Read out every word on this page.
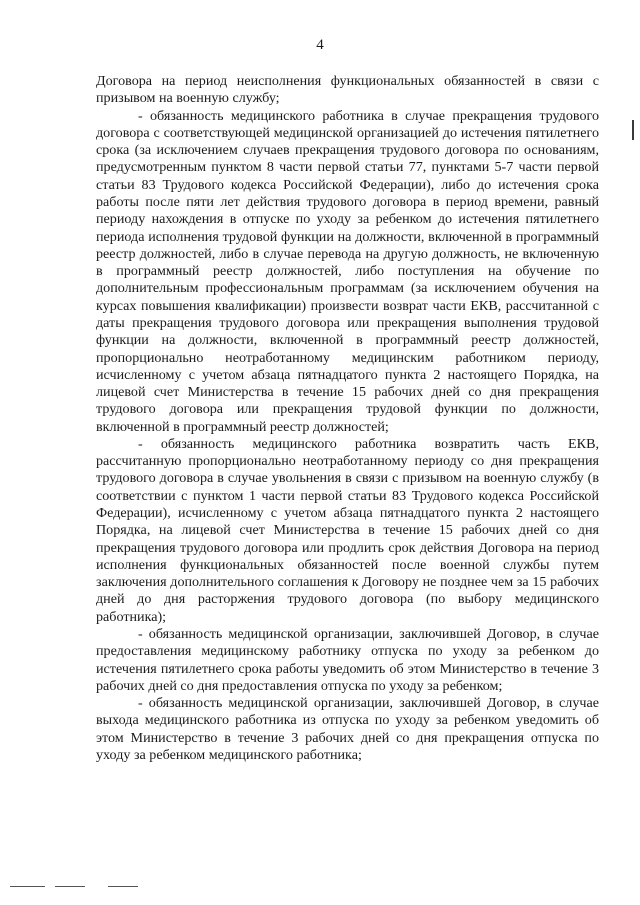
4

Договора на период неисполнения функциональных обязанностей в связи с призывом на военную службу;

- обязанность медицинского работника в случае прекращения трудового договора с соответствующей медицинской организацией до истечения пятилетнего срока (за исключением случаев прекращения трудового договора по основаниям, предусмотренным пунктом 8 части первой статьи 77, пунктами 5-7 части первой статьи 83 Трудового кодекса Российской Федерации), либо до истечения срока работы после пяти лет действия трудового договора в период времени, равный периоду нахождения в отпуске по уходу за ребенком до истечения пятилетнего периода исполнения трудовой функции на должности, включенной в программный реестр должностей, либо в случае перевода на другую должность, не включенную в программный реестр должностей, либо поступления на обучение по дополнительным профессиональным программам (за исключением обучения на курсах повышения квалификации) произвести возврат части ЕКВ, рассчитанной с даты прекращения трудового договора или прекращения выполнения трудовой функции на должности, включенной в программный реестр должностей, пропорционально неотработанному медицинским работником периоду, исчисленному с учетом абзаца пятнадцатого пункта 2 настоящего Порядка, на лицевой счет Министерства в течение 15 рабочих дней со дня прекращения трудового договора или прекращения трудовой функции по должности, включенной в программный реестр должностей;

- обязанность медицинского работника возвратить часть ЕКВ, рассчитанную пропорционально неотработанному периоду со дня прекращения трудового договора в случае увольнения в связи с призывом на военную службу (в соответствии с пунктом 1 части первой статьи 83 Трудового кодекса Российской Федерации), исчисленному с учетом абзаца пятнадцатого пункта 2 настоящего Порядка, на лицевой счет Министерства в течение 15 рабочих дней со дня прекращения трудового договора или продлить срок действия Договора на период исполнения функциональных обязанностей после военной службы путем заключения дополнительного соглашения к Договору не позднее чем за 15 рабочих дней до дня расторжения трудового договора (по выбору медицинского работника);

- обязанность медицинской организации, заключившей Договор, в случае предоставления медицинскому работнику отпуска по уходу за ребенком до истечения пятилетнего срока работы уведомить об этом Министерство в течение 3 рабочих дней со дня предоставления отпуска по уходу за ребенком;

- обязанность медицинской организации, заключившей Договор, в случае выхода медицинского работника из отпуска по уходу за ребенком уведомить об этом Министерство в течение 3 рабочих дней со дня прекращения отпуска по уходу за ребенком медицинского работника;
